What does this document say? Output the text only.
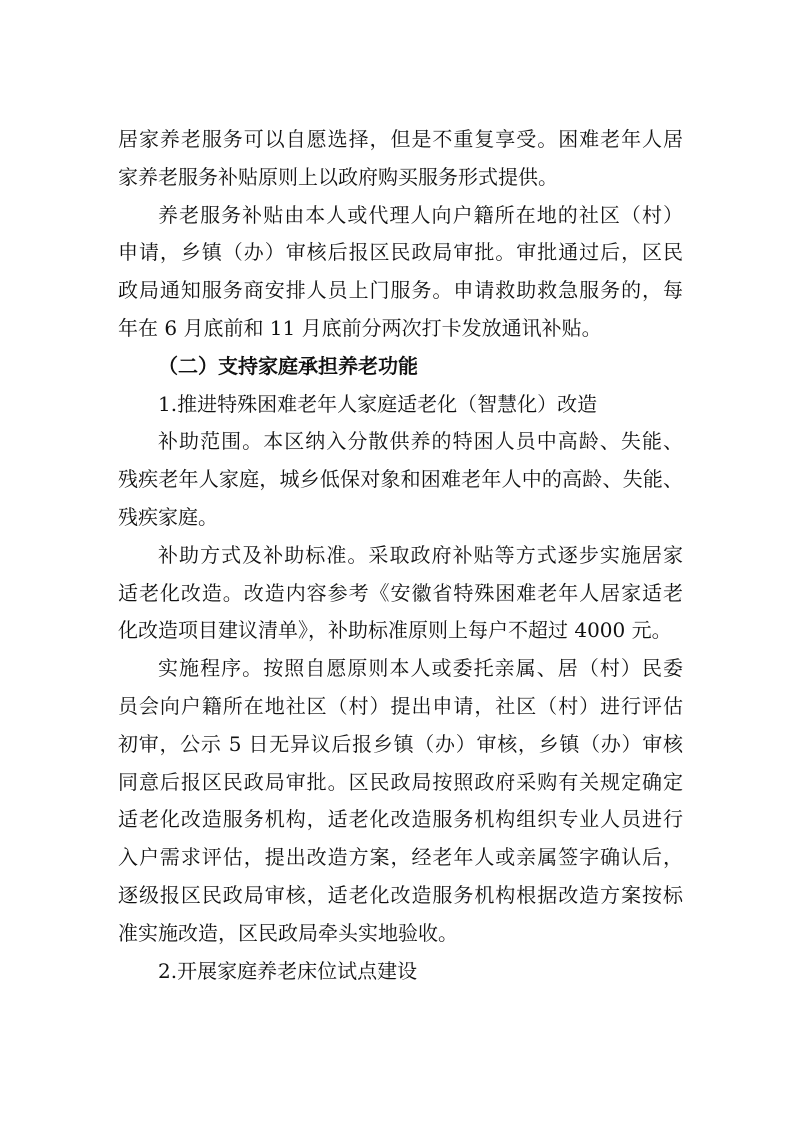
居家养老服务可以自愿选择，但是不重复享受。困难老年人居
家养老服务补贴原则上以政府购买服务形式提供。
养老服务补贴由本人或代理人向户籍所在地的社区（村）
申请，乡镇（办）审核后报区民政局审批。审批通过后，区民
政局通知服务商安排人员上门服务。申请救助救急服务的，每
年在 6 月底前和 11 月底前分两次打卡发放通讯补贴。
（二）支持家庭承担养老功能
1.推进特殊困难老年人家庭适老化（智慧化）改造
补助范围。本区纳入分散供养的特困人员中高龄、失能、
残疾老年人家庭，城乡低保对象和困难老年人中的高龄、失能、
残疾家庭。
补助方式及补助标准。采取政府补贴等方式逐步实施居家
适老化改造。改造内容参考《安徽省特殊困难老年人居家适老
化改造项目建议清单》，补助标准原则上每户不超过 4000 元。
实施程序。按照自愿原则本人或委托亲属、居（村）民委
员会向户籍所在地社区（村）提出申请，社区（村）进行评估
初审，公示 5 日无异议后报乡镇（办）审核，乡镇（办）审核
同意后报区民政局审批。区民政局按照政府采购有关规定确定
适老化改造服务机构，适老化改造服务机构组织专业人员进行
入户需求评估，提出改造方案，经老年人或亲属签字确认后，
逐级报区民政局审核，适老化改造服务机构根据改造方案按标
准实施改造，区民政局牵头实地验收。
2.开展家庭养老床位试点建设
